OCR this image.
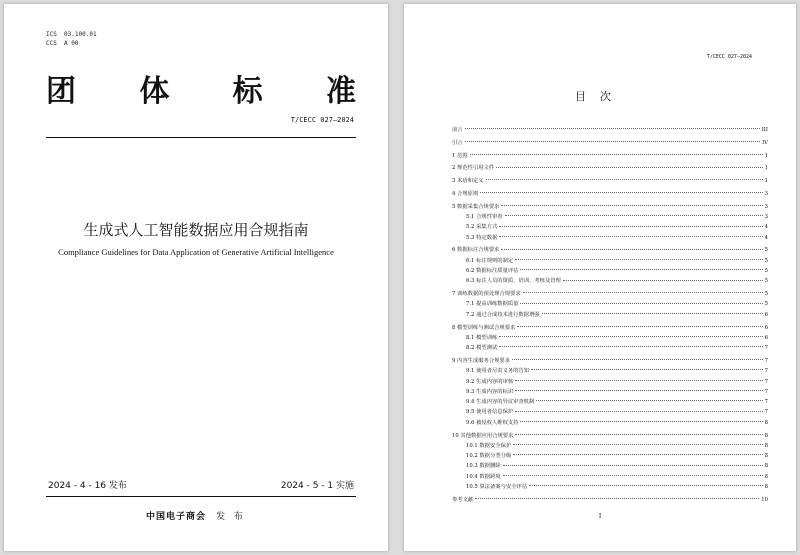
ICS  03.100.01
CCS  A 00
团 体 标 准
T/CECC 027—2024
生成式人工智能数据应用合规指南
Compliance Guidelines for Data Application of Generative Artificial Intelligence
2024 - 4 - 16 发布	2024 - 5 - 1 实施
中国电子商会 发 布
T/CECC 027—2024
目次
前言	III
引言	IV
1 范围	1
2 规范性引用文件	1
3 术语和定义	1
4 合规原则	3
5 数据采集合规要求	3
5.1 合规性审查	3
5.2 采集方式	4
5.3 特定数据	4
6 数据标注合规要求	5
6.1 标注规则的制定	5
6.2 数据标注质量评估	5
6.3 标注人员的资质、培训、考核及管理	5
7 训练数据的预处理合规要求	5
7.1 提高训练数据质量	5
7.2 通过合成技术进行数据增强	6
8 模型训练与测试合规要求	6
8.1 模型训练	6
8.2 模型测试	7
9 内容生成服务合规要求	7
9.1 使用者尽责义务的告知	7
9.2 生成内容的审核	7
9.3 生成内容的标识	7
9.4 生成内容的异议审查机制	7
9.5 使用者信息保护	7
9.6 被侵权人维权支持	8
10 其他数据应用合规要求	8
10.1 数据安全保护	8
10.2 数据分类分级	8
10.3 数据删除	8
10.4 数据跨境	8
10.5 算法备案与安全评估	8
参考文献	10
I
